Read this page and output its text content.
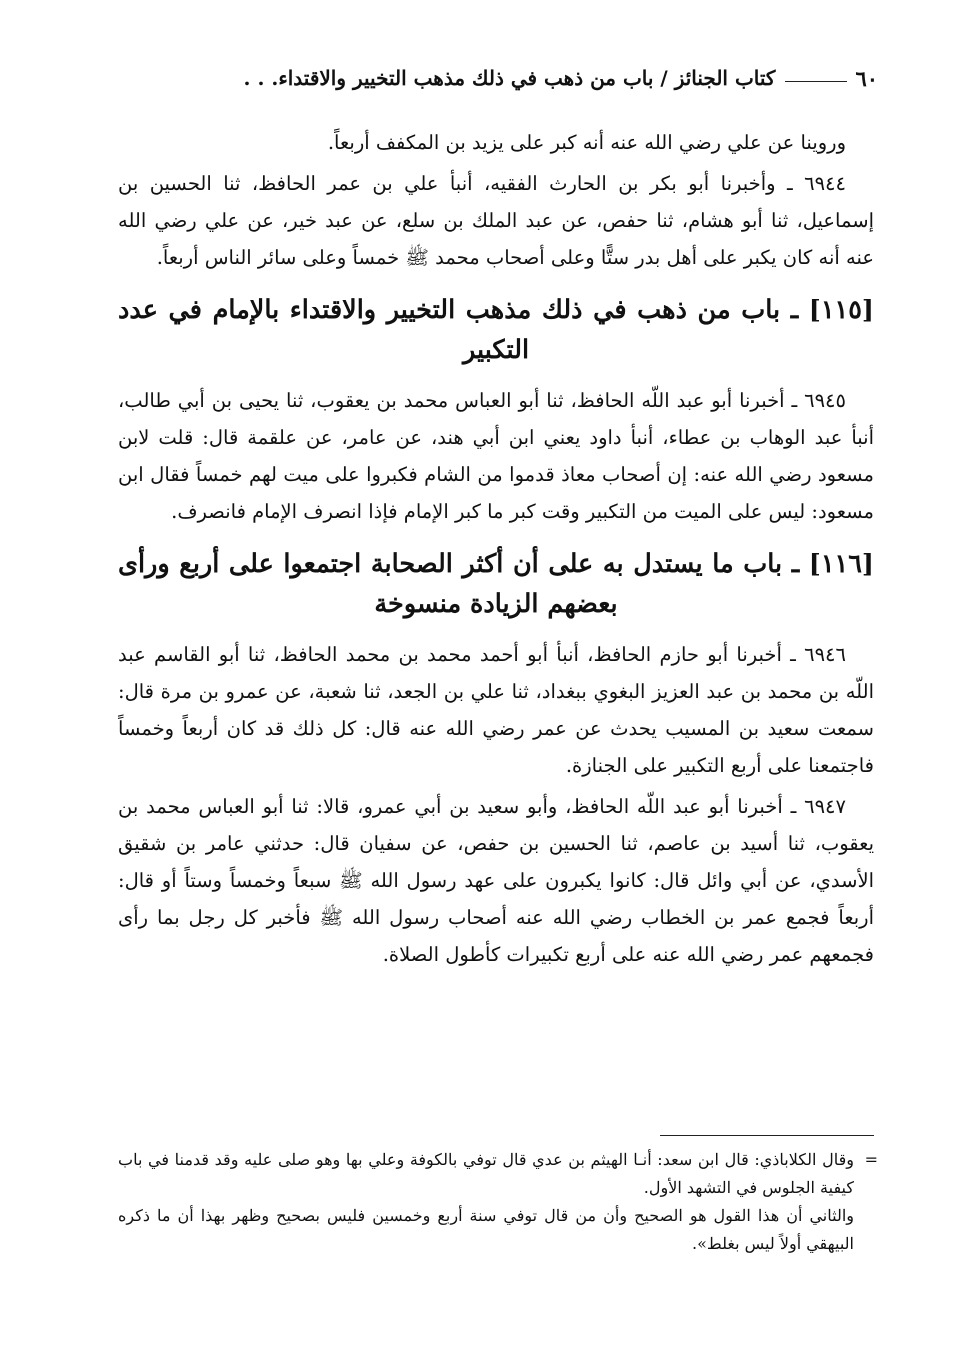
٦٠
كتاب الجنائز / باب من ذهب في ذلك مذهب التخيير والاقتداء. . .

وروينا عن علي رضي الله عنه أنه كبر على يزيد بن المكفف أربعاً.

٦٩٤٤ ـ وأخبرنا أبو بكر بن الحارث الفقيه، أنبأ علي بن عمر الحافظ، ثنا الحسين بن إسماعيل، ثنا أبو هشام، ثنا حفص، عن عبد الملك بن سلع، عن عبد خير، عن علي رضي الله عنه أنه كان يكبر على أهل بدر ستًّا وعلى أصحاب محمد ﷺ خمساً وعلى سائر الناس أربعاً.

[١١٥] ـ باب من ذهب في ذلك مذهب التخيير والاقتداء بالإمام في عدد التكبير

٦٩٤٥ ـ أخبرنا أبو عبد اللّه الحافظ، ثنا أبو العباس محمد بن يعقوب، ثنا يحيى بن أبي طالب، أنبأ عبد الوهاب بن عطاء، أنبأ داود يعني ابن أبي هند، عن عامر، عن علقمة قال: قلت لابن مسعود رضي الله عنه: إن أصحاب معاذ قدموا من الشام فكبروا على ميت لهم خمساً فقال ابن مسعود: ليس على الميت من التكبير وقت كبر ما كبر الإمام فإذا انصرف الإمام فانصرف.

[١١٦] ـ باب ما يستدل به على أن أكثر الصحابة اجتمعوا على أربع ورأى بعضهم الزيادة منسوخة

٦٩٤٦ ـ أخبرنا أبو حازم الحافظ، أنبأ أبو أحمد محمد بن محمد الحافظ، ثنا أبو القاسم عبد اللّه بن محمد بن عبد العزيز البغوي ببغداد، ثنا علي بن الجعد، ثنا شعبة، عن عمرو بن مرة قال: سمعت سعيد بن المسيب يحدث عن عمر رضي الله عنه قال: كل ذلك قد كان أربعاً وخمساً فاجتمعنا على أربع التكبير على الجنازة.

٦٩٤٧ ـ أخبرنا أبو عبد اللّه الحافظ، وأبو سعيد بن أبي عمرو، قالا: ثنا أبو العباس محمد بن يعقوب، ثنا أسيد بن عاصم، ثنا الحسين بن حفص، عن سفيان قال: حدثني عامر بن شقيق الأسدي، عن أبي وائل قال: كانوا يكبرون على عهد رسول الله ﷺ سبعاً وخمساً وستاً أو قال: أربعاً فجمع عمر بن الخطاب رضي الله عنه أصحاب رسول الله ﷺ فأخبر كل رجل بما رأى فجمعهم عمر رضي الله عنه على أربع تكبيرات كأطول الصلاة.

=
وقال الكلاباذي: قال ابن سعد: أنـا الهيثم بن عدي قال توفي بالكوفة وعلي بها وهو صلى عليه وقد قدمنا في باب كيفية الجلوس في التشهد الأول.

والثاني أن هذا القول هو الصحيح وأن من قال توفي سنة أربع وخمسين فليس بصحيح وظهر بهذا أن ما ذكره البيهقي أولاً ليس بغلط».
